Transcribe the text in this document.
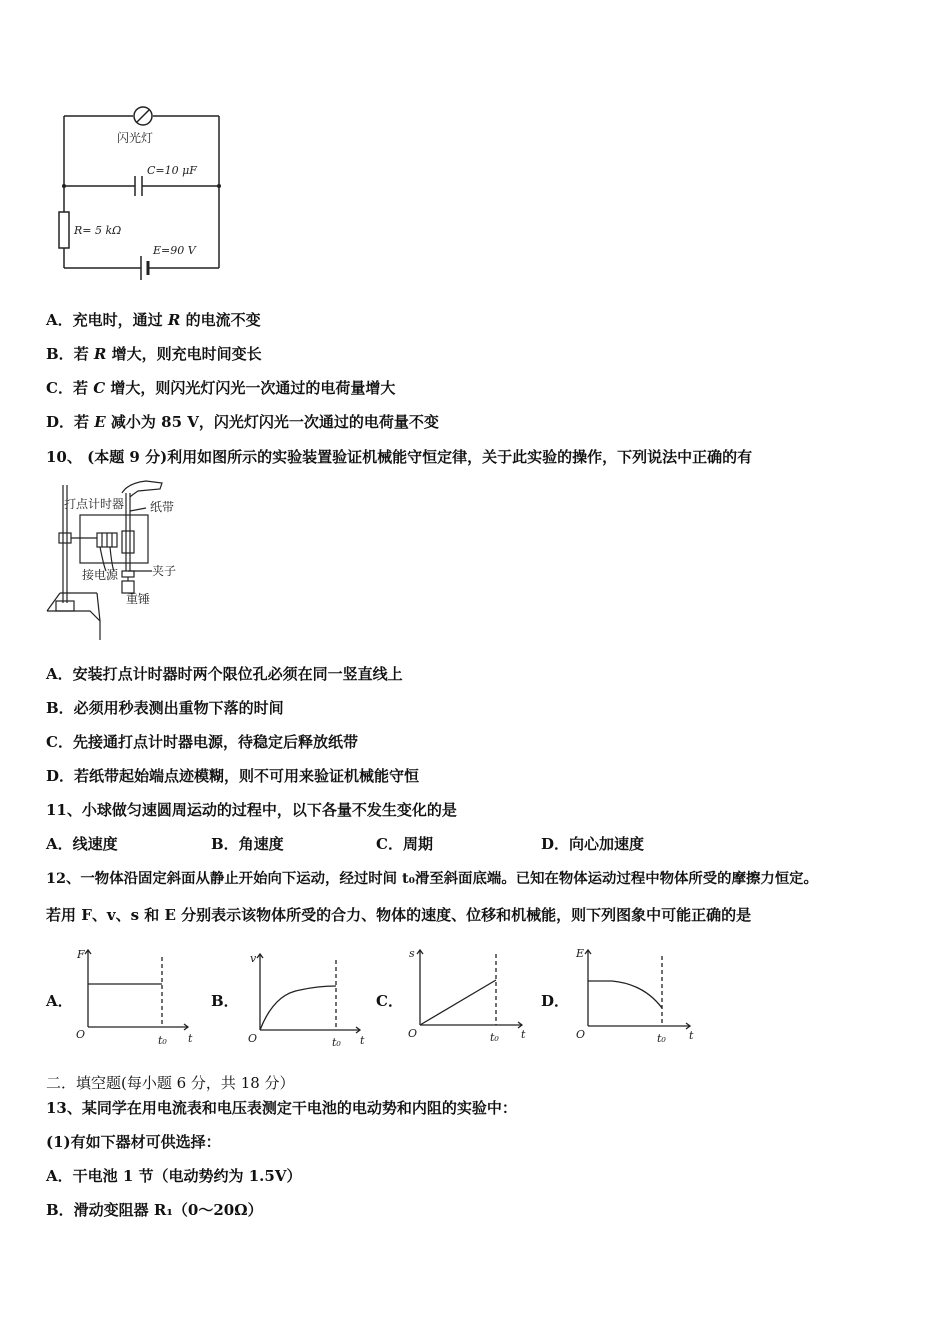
闪光灯
C=10 μF
R= 5 kΩ
E=90 V
A．充电时，通过 R 的电流不变
B．若 R 增大，则充电时间变长
C．若 C 增大，则闪光灯闪光一次通过的电荷量增大
D．若 E 减小为 85 V，闪光灯闪光一次通过的电荷量不变
10、 (本题 9 分)利用如图所示的实验装置验证机械能守恒定律，关于此实验的操作，下列说法中正确的有
打点计时器 纸带
夹子
接电源
重锤
A．安装打点计时器时两个限位孔必须在同一竖直线上
B．必须用秒表测出重物下落的时间
C．先接通打点计时器电源，待稳定后释放纸带
D．若纸带起始端点迹模糊，则不可用来验证机械能守恒
11、小球做匀速圆周运动的过程中，以下各量不发生变化的是
A．线速度	B．角速度	C．周期	D．向心加速度
12、一物体沿固定斜面从静止开始向下运动，经过时间 t₀滑至斜面底端。已知在物体运动过程中物体所受的摩擦力恒定。
若用 F、v、s 和 E 分别表示该物体所受的合力、物体的速度、位移和机械能，则下列图象中可能正确的是
A．
F
O	t
t₀
B．
v
O	t
t₀
C．
s
O	t
t₀
D．
E
O	t
t₀
二．填空题(每小题 6 分，共 18 分）
13、某同学在用电流表和电压表测定干电池的电动势和内阻的实验中：
(1)有如下器材可供选择：
A．干电池 1 节（电动势约为 1.5V）
B．滑动变阻器 R₁（0～20Ω）
